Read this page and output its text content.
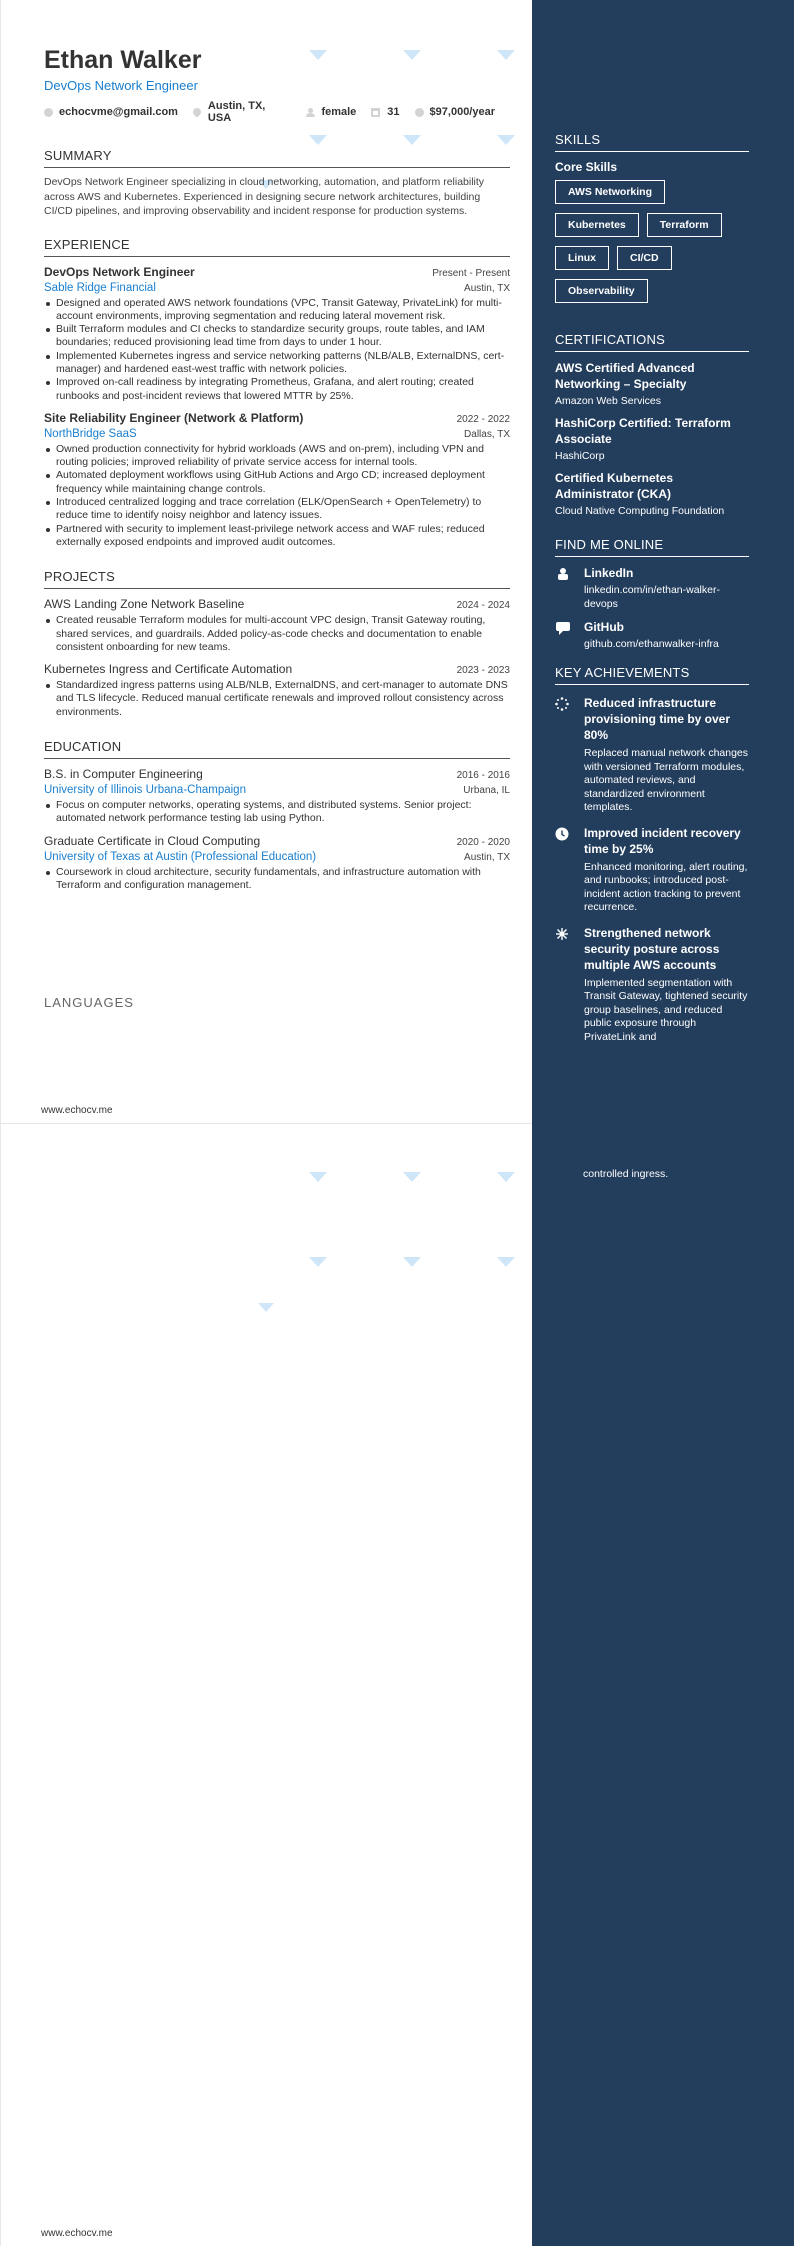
Ethan Walker
DevOps Network Engineer
echocvme@gmail.com	Austin, TX, USA	female	31	$97,000/year
SUMMARY
DevOps Network Engineer specializing in cloud networking, automation, and platform reliability across AWS and Kubernetes. Experienced in designing secure network architectures, building CI/CD pipelines, and improving observability and incident response for production systems.
EXPERIENCE
DevOps Network Engineer	Present - Present
Sable Ridge Financial	Austin, TX
Designed and operated AWS network foundations (VPC, Transit Gateway, PrivateLink) for multi-account environments, improving segmentation and reducing lateral movement risk.
Built Terraform modules and CI checks to standardize security groups, route tables, and IAM boundaries; reduced provisioning lead time from days to under 1 hour.
Implemented Kubernetes ingress and service networking patterns (NLB/ALB, ExternalDNS, cert-manager) and hardened east-west traffic with network policies.
Improved on-call readiness by integrating Prometheus, Grafana, and alert routing; created runbooks and post-incident reviews that lowered MTTR by 25%.
Site Reliability Engineer (Network & Platform)	2022 - 2022
NorthBridge SaaS	Dallas, TX
Owned production connectivity for hybrid workloads (AWS and on-prem), including VPN and routing policies; improved reliability of private service access for internal tools.
Automated deployment workflows using GitHub Actions and Argo CD; increased deployment frequency while maintaining change controls.
Introduced centralized logging and trace correlation (ELK/OpenSearch + OpenTelemetry) to reduce time to identify noisy neighbor and latency issues.
Partnered with security to implement least-privilege network access and WAF rules; reduced externally exposed endpoints and improved audit outcomes.
PROJECTS
AWS Landing Zone Network Baseline	2024 - 2024
Created reusable Terraform modules for multi-account VPC design, Transit Gateway routing, shared services, and guardrails. Added policy-as-code checks and documentation to enable consistent onboarding for new teams.
Kubernetes Ingress and Certificate Automation	2023 - 2023
Standardized ingress patterns using ALB/NLB, ExternalDNS, and cert-manager to automate DNS and TLS lifecycle. Reduced manual certificate renewals and improved rollout consistency across environments.
EDUCATION
B.S. in Computer Engineering	2016 - 2016
University of Illinois Urbana-Champaign	Urbana, IL
Focus on computer networks, operating systems, and distributed systems. Senior project: automated network performance testing lab using Python.
Graduate Certificate in Cloud Computing	2020 - 2020
University of Texas at Austin (Professional Education)	Austin, TX
Coursework in cloud architecture, security fundamentals, and infrastructure automation with Terraform and configuration management.
LANGUAGES
www.echocv.me
www.echocv.me
SKILLS
Core Skills
AWS Networking
Kubernetes	Terraform
Linux	CI/CD
Observability
CERTIFICATIONS
AWS Certified Advanced Networking – Specialty
Amazon Web Services
HashiCorp Certified: Terraform Associate
HashiCorp
Certified Kubernetes Administrator (CKA)
Cloud Native Computing Foundation
FIND ME ONLINE
LinkedIn
linkedin.com/in/ethan-walker-devops
GitHub
github.com/ethanwalker-infra
KEY ACHIEVEMENTS
Reduced infrastructure provisioning time by over 80%
Replaced manual network changes with versioned Terraform modules, automated reviews, and standardized environment templates.
Improved incident recovery time by 25%
Enhanced monitoring, alert routing, and runbooks; introduced post-incident action tracking to prevent recurrence.
Strengthened network security posture across multiple AWS accounts
Implemented segmentation with Transit Gateway, tightened security group baselines, and reduced public exposure through PrivateLink and
controlled ingress.
